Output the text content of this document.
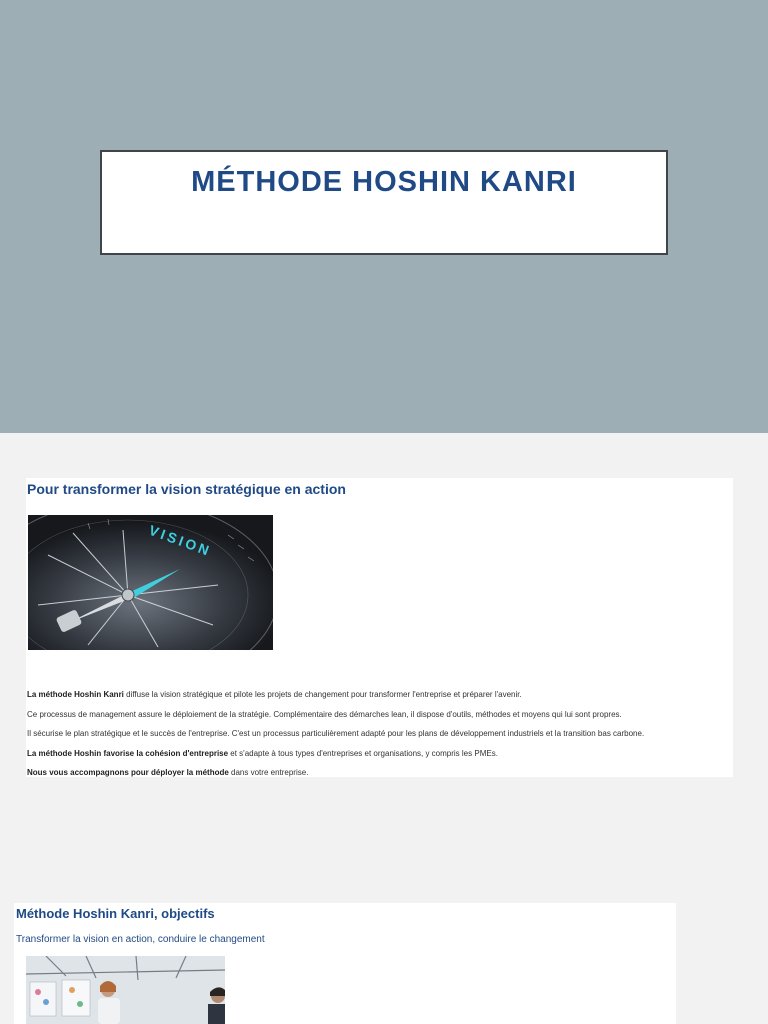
MÉTHODE HOSHIN KANRI
Pour transformer la vision stratégique en action
VISION

La méthode Hoshin Kanri diffuse la vision stratégique et pilote les projets de changement pour transformer l'entreprise et préparer l'avenir.

Ce processus de management assure le déploiement de la stratégie. Complémentaire des démarches lean, il dispose d'outils, méthodes et moyens qui lui sont propres.

Il sécurise le plan stratégique et le succès de l'entreprise. C'est un processus particulièrement adapté pour les plans de développement industriels et la transition bas carbone.

La méthode Hoshin favorise la cohésion d'entreprise et s'adapte à tous types d'entreprises et organisations, y compris les PMEs.

Nous vous accompagnons pour déployer la méthode dans votre entreprise.

Méthode Hoshin Kanri, objectifs
Transformer la vision en action, conduire le changement
